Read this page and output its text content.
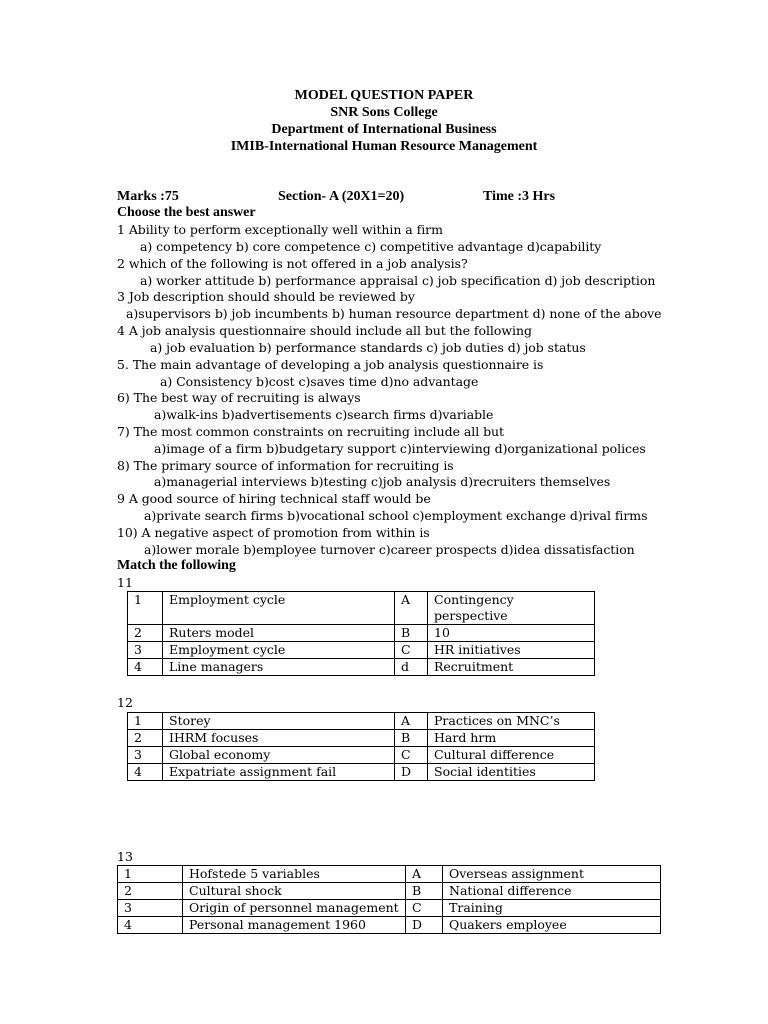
MODEL QUESTION PAPER
SNR Sons College
Department of International Business
IMIB-International Human Resource Management
Marks :75	Section- A (20X1=20)	Time :3 Hrs
Choose the best answer
1 Ability to perform exceptionally well within a firm
a) competency b) core competence c) competitive advantage d)capability
2 which of the following is not offered in a job analysis?
a) worker attitude b) performance appraisal c) job specification d) job description
3 Job description should should be reviewed by
a)supervisors b) job incumbents b) human resource department d) none of the above
4 A job analysis questionnaire should include all but the following
a) job evaluation b) performance standards c) job duties d) job status
5. The main advantage of developing a job analysis questionnaire is
a) Consistency b)cost c)saves time d)no advantage
6) The best way of recruiting is always
a)walk-ins b)advertisements c)search firms d)variable
7) The most common constraints on recruiting include all but
a)image of a firm b)budgetary support c)interviewing d)organizational polices
8) The primary source of information for recruiting is
a)managerial interviews b)testing c)job analysis d)recruiters themselves
9 A good source of hiring technical staff would be
a)private search firms b)vocational school c)employment exchange d)rival firms
10) A negative aspect of promotion from within is
a)lower morale b)employee turnover c)career prospects d)idea dissatisfaction
Match the following
11
1	Employment cycle	A	Contingency perspective
2	Ruters model	B	10
3	Employment cycle	C	HR initiatives
4	Line managers	d	Recruitment
12
1	Storey	A	Practices on MNC’s
2	IHRM focuses	B	Hard hrm
3	Global economy	C	Cultural difference
4	Expatriate assignment fail	D	Social identities
13
1	Hofstede 5 variables	A	Overseas assignment
2	Cultural shock	B	National difference
3	Origin of personnel management	C	Training
4	Personal management 1960	D	Quakers employee
